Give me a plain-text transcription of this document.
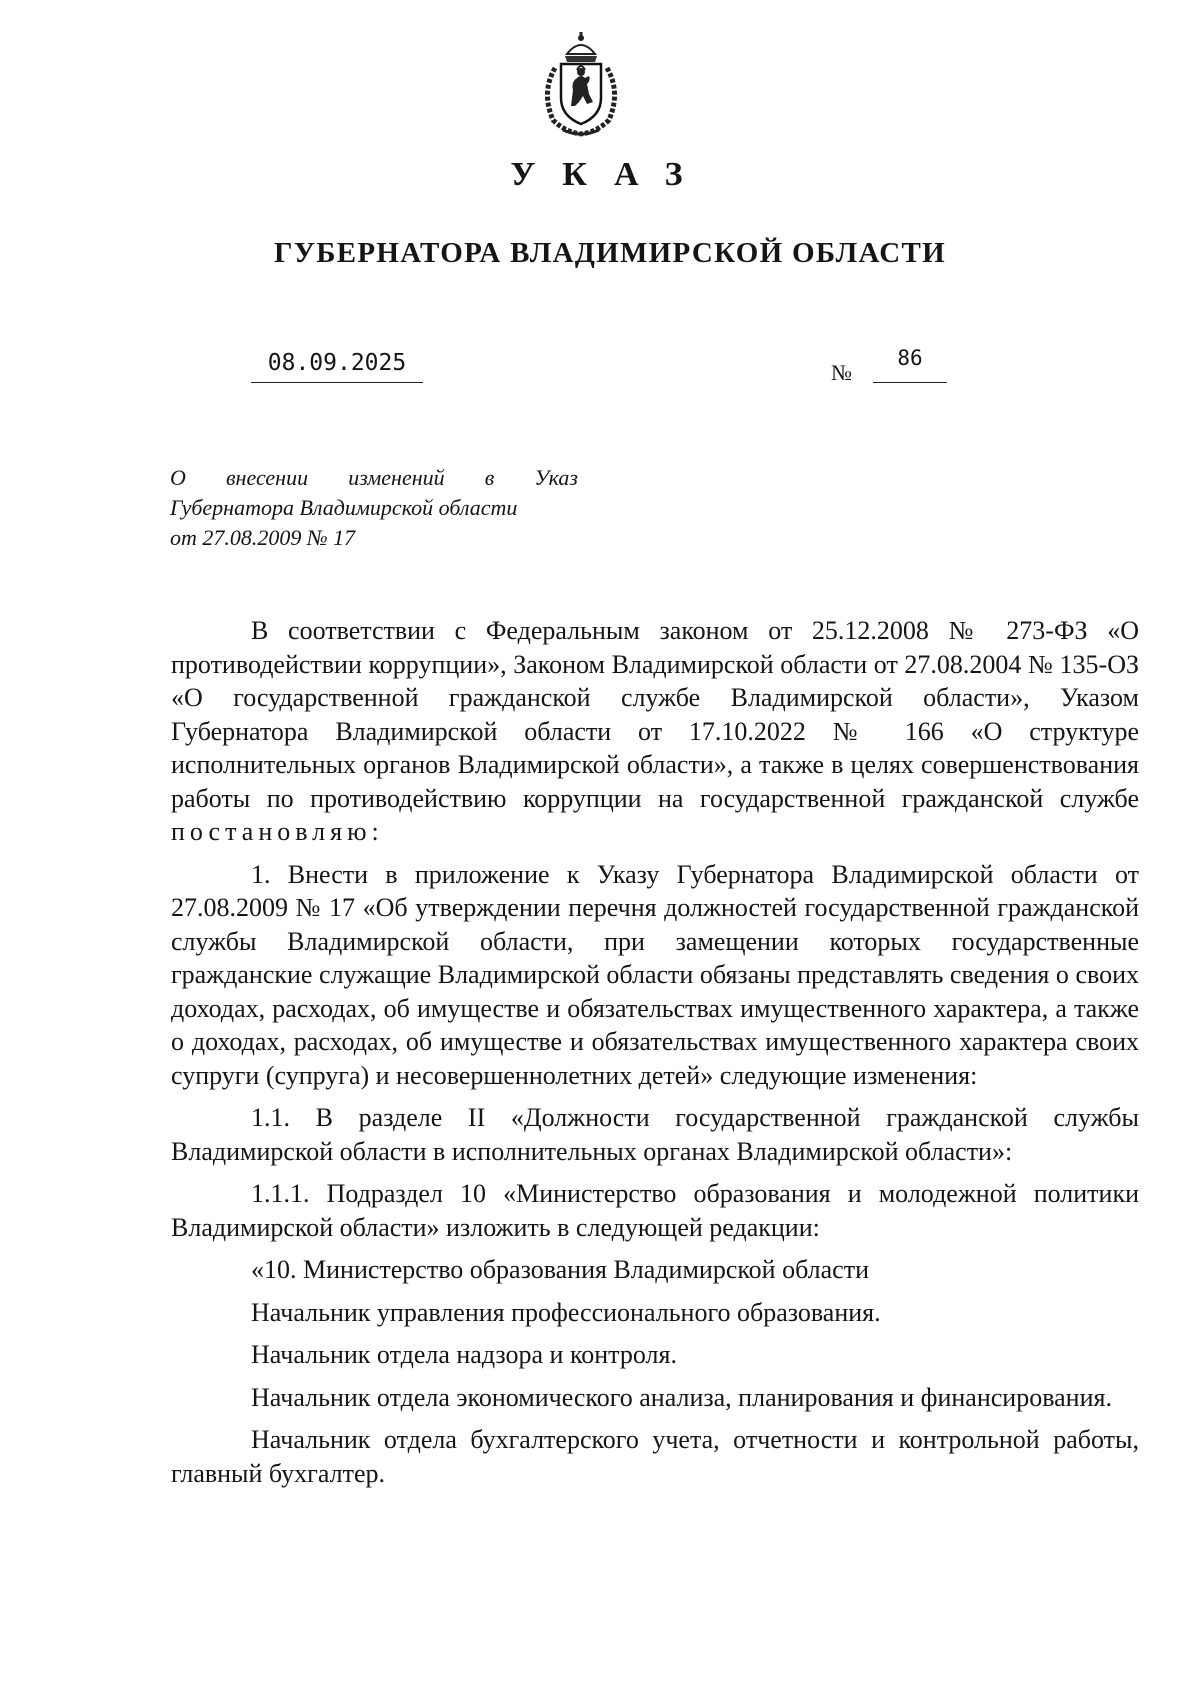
УКАЗ
ГУБЕРНАТОРА ВЛАДИМИРСКОЙ ОБЛАСТИ
08.09.2025	№
86
О внесении изменений в Указ
Губернатора Владимирской области
от 27.08.2009 № 17

В соответствии с Федеральным законом от 25.12.2008 № 273-ФЗ «О противодействии коррупции», Законом Владимирской области от 27.08.2004 № 135-ОЗ «О государственной гражданской службе Владимирской области», Указом Губернатора Владимирской области от 17.10.2022 № 166 «О структуре исполнительных органов Владимирской области», а также в целях совершенствования работы по противодействию коррупции на государственной гражданской службе постановляю:

1. Внести в приложение к Указу Губернатора Владимирской области от 27.08.2009 № 17 «Об утверждении перечня должностей государственной гражданской службы Владимирской области, при замещении которых государственные гражданские служащие Владимирской области обязаны представлять сведения о своих доходах, расходах, об имуществе и обязательствах имущественного характера, а также о доходах, расходах, об имуществе и обязательствах имущественного характера своих супруги (супруга) и несовершеннолетних детей» следующие изменения:

1.1. В разделе II «Должности государственной гражданской службы Владимирской области в исполнительных органах Владимирской области»:

1.1.1. Подраздел 10 «Министерство образования и молодежной политики Владимирской области» изложить в следующей редакции:

«10. Министерство образования Владимирской области

Начальник управления профессионального образования.

Начальник отдела надзора и контроля.

Начальник отдела экономического анализа, планирования и финансирования.

Начальник отдела бухгалтерского учета, отчетности и контрольной работы, главный бухгалтер.
